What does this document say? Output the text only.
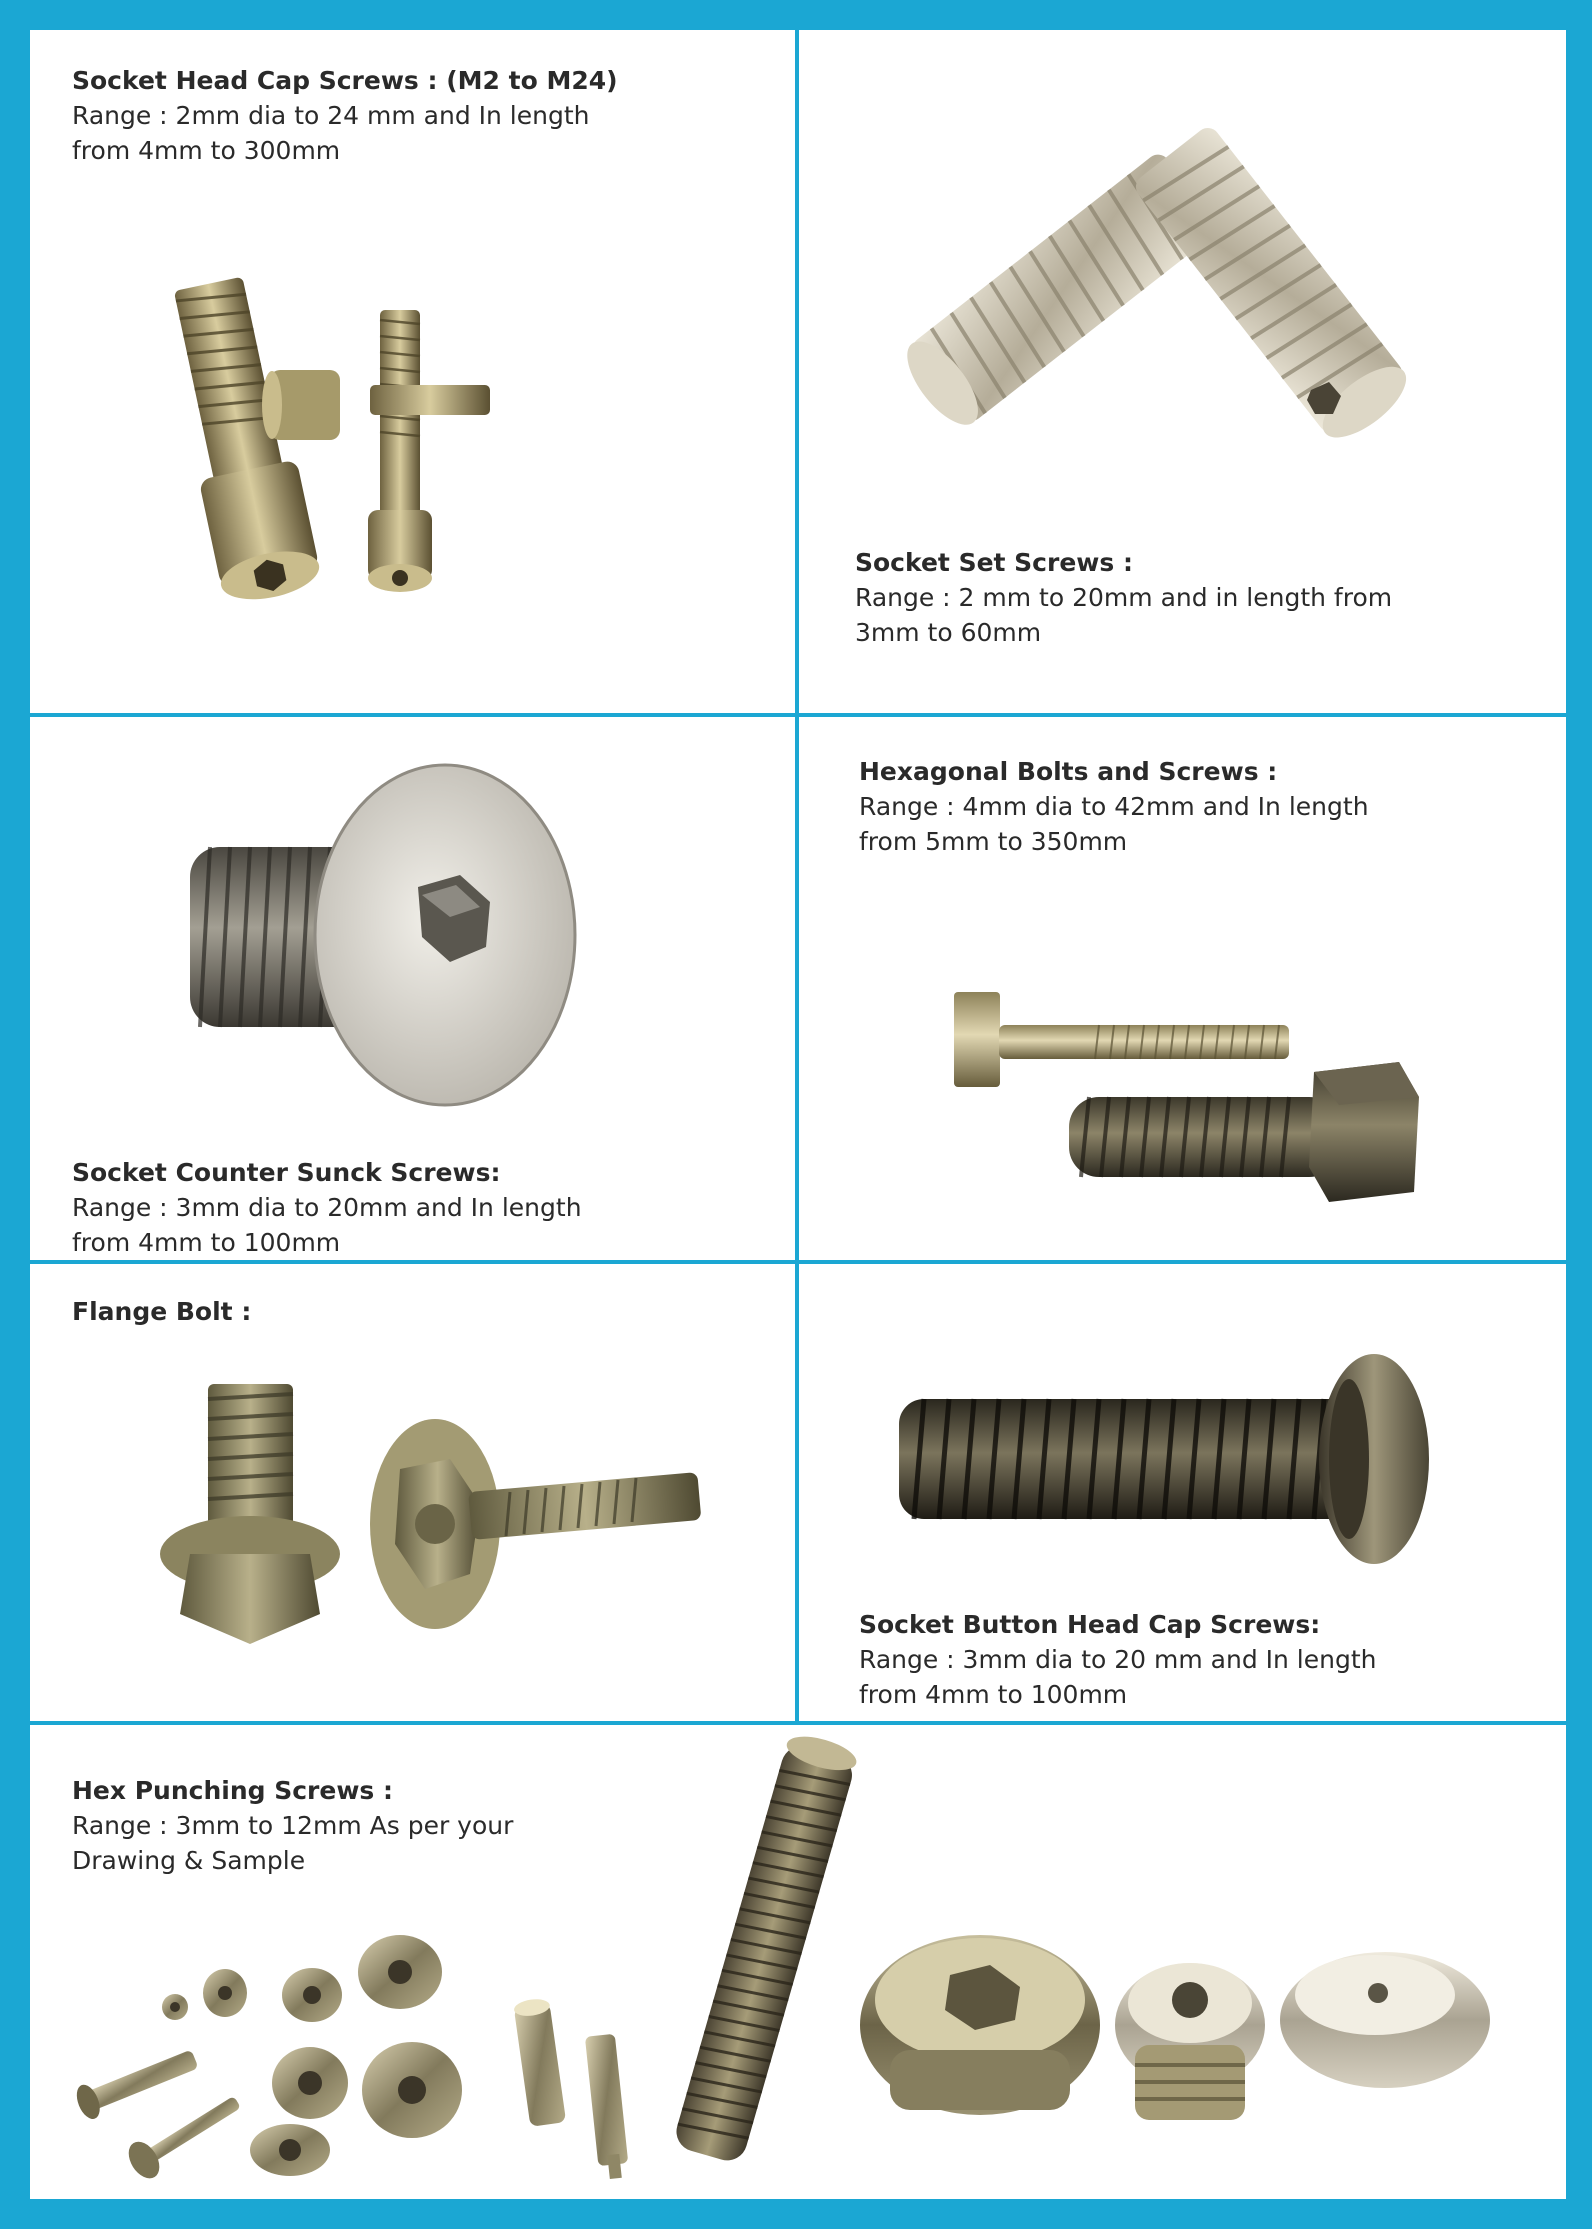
Socket Head Cap Screws : (M2 to M24)
Range : 2mm dia to 24 mm and In length
from 4mm to 300mm
Socket Set Screws :
Range : 2 mm to 20mm and in length from
3mm to 60mm
Socket Counter Sunck Screws:
Range : 3mm dia to 20mm and In length
from 4mm to 100mm
Hexagonal Bolts and Screws :
Range : 4mm dia to 42mm and In length
from 5mm to 350mm
Flange Bolt :
Socket Button Head Cap Screws:
Range : 3mm dia to 20 mm and In length
from 4mm to 100mm
Hex Punching Screws :
Range : 3mm to 12mm As per your
Drawing & Sample
